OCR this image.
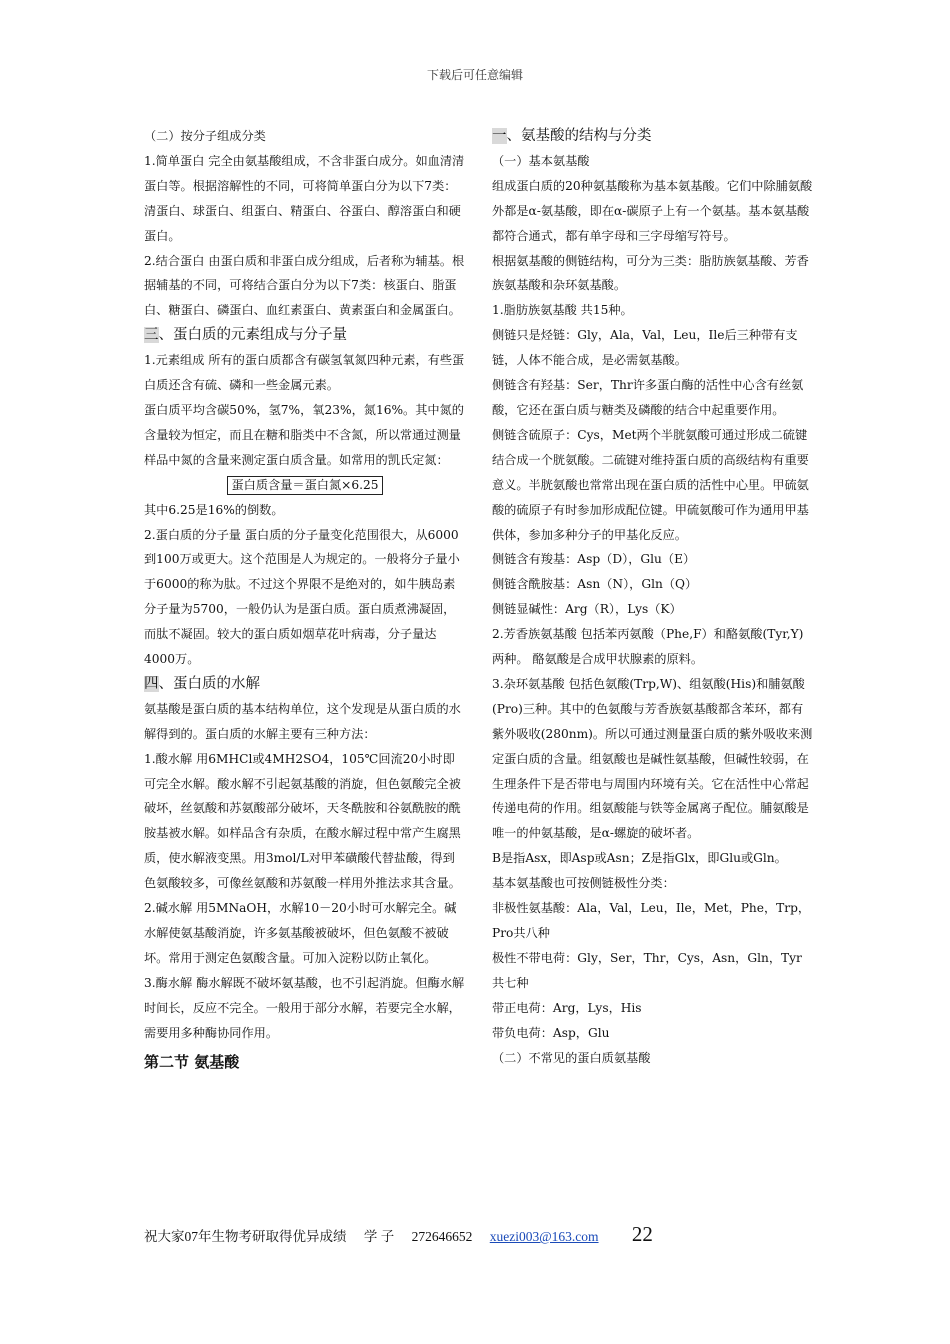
下载后可任意编辑

（二）按分子组成分类

1.简单蛋白 完全由氨基酸组成，不含非蛋白成分。如血清清蛋白等。根据溶解性的不同，可将简单蛋白分为以下7类：清蛋白、球蛋白、组蛋白、精蛋白、谷蛋白、醇溶蛋白和硬蛋白。

2.结合蛋白 由蛋白质和非蛋白成分组成，后者称为辅基。根据辅基的不同，可将结合蛋白分为以下7类：核蛋白、脂蛋白、糖蛋白、磷蛋白、血红素蛋白、黄素蛋白和金属蛋白。

三、蛋白质的元素组成与分子量

1.元素组成 所有的蛋白质都含有碳氢氧氮四种元素，有些蛋白质还含有硫、磷和一些金属元素。

蛋白质平均含碳50%，氢7%，氧23%，氮16%。其中氮的含量较为恒定，而且在糖和脂类中不含氮，所以常通过测量样品中氮的含量来测定蛋白质含量。如常用的凯氏定氮：

蛋白质含量＝蛋白氮×6.25

其中6.25是16%的倒数。

2.蛋白质的分子量 蛋白质的分子量变化范围很大，从6000到100万或更大。这个范围是人为规定的。一般将分子量小于6000的称为肽。不过这个界限不是绝对的，如牛胰岛素分子量为5700，一般仍认为是蛋白质。蛋白质煮沸凝固，而肽不凝固。较大的蛋白质如烟草花叶病毒，分子量达4000万。

四、蛋白质的水解

氨基酸是蛋白质的基本结构单位，这个发现是从蛋白质的水解得到的。蛋白质的水解主要有三种方法：

1.酸水解 用6MHCl或4MH2SO4，105℃回流20小时即可完全水解。酸水解不引起氨基酸的消旋，但色氨酸完全被破坏，丝氨酸和苏氨酸部分破坏，天冬酰胺和谷氨酰胺的酰胺基被水解。如样品含有杂质，在酸水解过程中常产生腐黑质，使水解液变黑。用3mol/L对甲苯磺酸代替盐酸，得到色氨酸较多，可像丝氨酸和苏氨酸一样用外推法求其含量。

2.碱水解 用5MNaOH，水解10－20小时可水解完全。碱水解使氨基酸消旋，许多氨基酸被破坏，但色氨酸不被破坏。常用于测定色氨酸含量。可加入淀粉以防止氧化。

3.酶水解 酶水解既不破坏氨基酸，也不引起消旋。但酶水解时间长，反应不完全。一般用于部分水解，若要完全水解，需要用多种酶协同作用。

第二节 氨基酸

一、氨基酸的结构与分类

（一）基本氨基酸

组成蛋白质的20种氨基酸称为基本氨基酸。它们中除脯氨酸外都是α-氨基酸，即在α-碳原子上有一个氨基。基本氨基酸都符合通式，都有单字母和三字母缩写符号。

根据氨基酸的侧链结构，可分为三类：脂肪族氨基酸、芳香族氨基酸和杂环氨基酸。

1.脂肪族氨基酸 共15种。

侧链只是烃链：Gly，Ala，Val，Leu，Ile后三种带有支链，人体不能合成，是必需氨基酸。

侧链含有羟基：Ser，Thr许多蛋白酶的活性中心含有丝氨酸，它还在蛋白质与糖类及磷酸的结合中起重要作用。

侧链含硫原子：Cys，Met两个半胱氨酸可通过形成二硫键结合成一个胱氨酸。二硫键对维持蛋白质的高级结构有重要意义。半胱氨酸也常常出现在蛋白质的活性中心里。甲硫氨酸的硫原子有时参加形成配位键。甲硫氨酸可作为通用甲基供体，参加多种分子的甲基化反应。

侧链含有羧基：Asp（D），Glu（E）

侧链含酰胺基：Asn（N），Gln（Q）

侧链显碱性：Arg（R），Lys（K）

2.芳香族氨基酸 包括苯丙氨酸（Phe,F）和酪氨酸(Tyr,Y)两种。 酪氨酸是合成甲状腺素的原料。

3.杂环氨基酸 包括色氨酸(Trp,W)、组氨酸(His)和脯氨酸(Pro)三种。其中的色氨酸与芳香族氨基酸都含苯环，都有紫外吸收(280nm)。所以可通过测量蛋白质的紫外吸收来测定蛋白质的含量。组氨酸也是碱性氨基酸，但碱性较弱，在生理条件下是否带电与周围内环境有关。它在活性中心常起传递电荷的作用。组氨酸能与铁等金属离子配位。脯氨酸是唯一的仲氨基酸，是α-螺旋的破坏者。

B是指Asx，即Asp或Asn；Z是指Glx，即Glu或Gln。

基本氨基酸也可按侧链极性分类：

非极性氨基酸：Ala，Val，Leu，Ile，Met，Phe，Trp，Pro共八种

极性不带电荷：Gly，Ser，Thr，Cys，Asn，Gln，Tyr共七种

带正电荷：Arg，Lys，His

带负电荷：Asp，Glu

（二）不常见的蛋白质氨基酸

祝大家07年生物考研取得优异成绩 学 子 272646652 xuezi003@163.com 22
